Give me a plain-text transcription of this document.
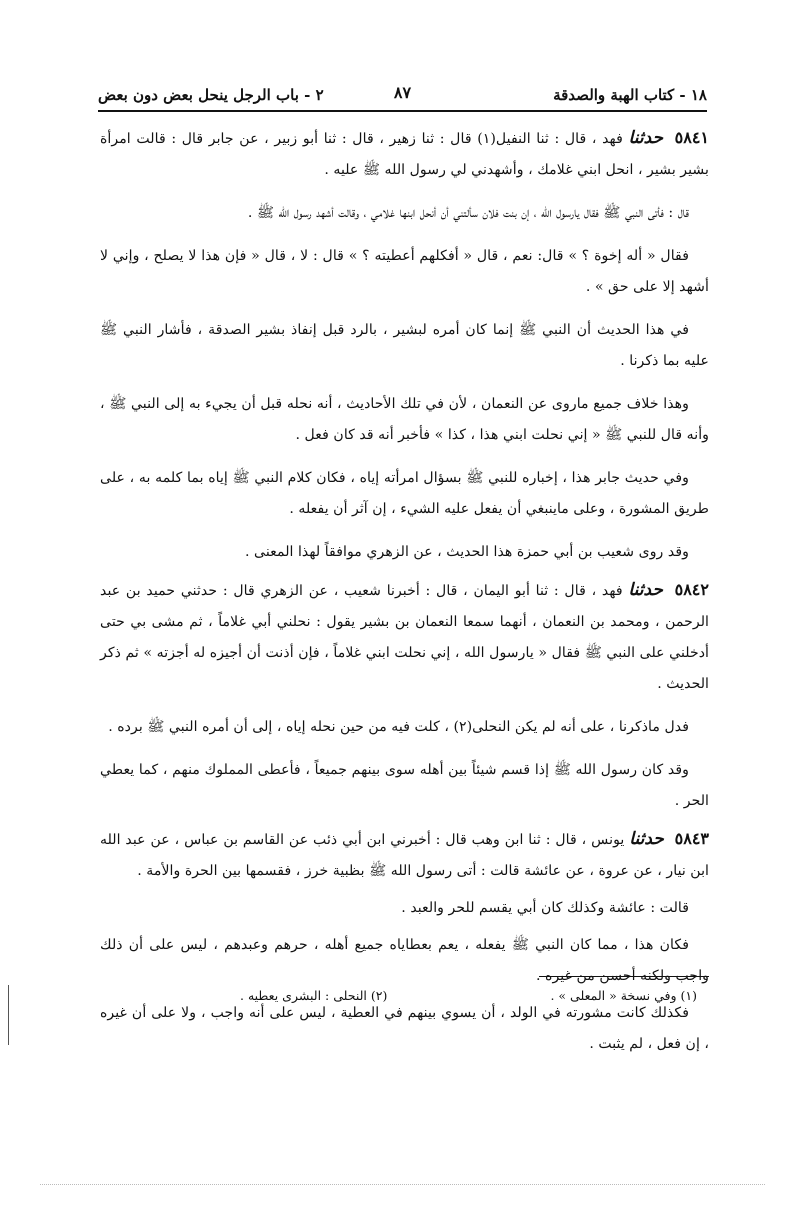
١٨ - كتاب الهبة والصدقة
٨٧
٢ - باب الرجل ينحل بعض دون بعض

٥٨٤١ حدثنا فهد ، قال : ثنا النفيل(١) قال : ثنا زهير ، قال : ثنا أبو زبير ، عن جابر قال : قالت امرأة بشير بشير ، انحل ابني غلامك ، وأشهدني لي رسول الله ﷺ عليه .

قال : فأتى النبي ﷺ فقال يارسول الله ، إن بنت فلان سألتني أن أنحل ابنها غلامي ، وقالت أشهد رسول الله ﷺ .

فقال « أله إخوة ؟ » قال: نعم ، قال « أفكلهم أعطيته ؟ » قال : لا ، قال « فإن هذا لا يصلح ، وإني لا أشهد إلا على حق » .

في هذا الحديث أن النبي ﷺ إنما كان أمره لبشير ، بالرد قبل إنفاذ بشير الصدقة ، فأشار النبي ﷺ عليه بما ذكرنا .

وهذا خلاف جميع ماروى عن النعمان ، لأن في تلك الأحاديث ، أنه نحله قبل أن يجيء به إلى النبي ﷺ ، وأنه قال للنبي ﷺ « إني نحلت ابني هذا ، كذا » فأخبر أنه قد كان فعل .

وفي حديث جابر هذا ، إخباره للنبي ﷺ بسؤال امرأته إياه ، فكان كلام النبي ﷺ إياه بما كلمه به ، على طريق المشورة ، وعلى ماينبغي أن يفعل عليه الشيء ، إن آثر أن يفعله .

وقد روى شعيب بن أبي حمزة هذا الحديث ، عن الزهري موافقاً لهذا المعنى .

٥٨٤٢ حدثنا فهد ، قال : ثنا أبو اليمان ، قال : أخبرنا شعيب ، عن الزهري قال : حدثني حميد بن عبد الرحمن ، ومحمد بن النعمان ، أنهما سمعا النعمان بن بشير يقول : نحلني أبي غلاماً ، ثم مشى بي حتى أدخلني على النبي ﷺ فقال « يارسول الله ، إني نحلت ابني غلاماً ، فإن أذنت أن أجيزه له أجزته » ثم ذكر الحديث .

فدل ماذكرنا ، على أنه لم يكن النحلى(٢) ، كلت فيه من حين نحله إياه ، إلى أن أمره النبي ﷺ برده .

وقد كان رسول الله ﷺ إذا قسم شيئاً بين أهله سوى بينهم جميعاً ، فأعطى المملوك منهم ، كما يعطي الحر .

٥٨٤٣ حدثنا يونس ، قال : ثنا ابن وهب قال : أخبرني ابن أبي ذئب عن القاسم بن عباس ، عن عبد الله ابن نيار ، عن عروة ، عن عائشة قالت : أتى رسول الله ﷺ بظبية خرز ، فقسمها بين الحرة والأمة .

قالت : عائشة وكذلك كان أبي يقسم للحر والعبد .

فكان هذا ، مما كان النبي ﷺ يفعله ، يعم بعطاياه جميع أهله ، حرهم وعبدهم ، ليس على أن ذلك واجب ولكنه أحسن من غيره .

فكذلك كانت مشورته في الولد ، أن يسوي بينهم في العطية ، ليس على أنه واجب ، ولا على أن غيره ، إن فعل ، لم يثبت .

(١) وفي نسخة « المعلى » .
(٢) النحلى : البشرى يعطيه .
